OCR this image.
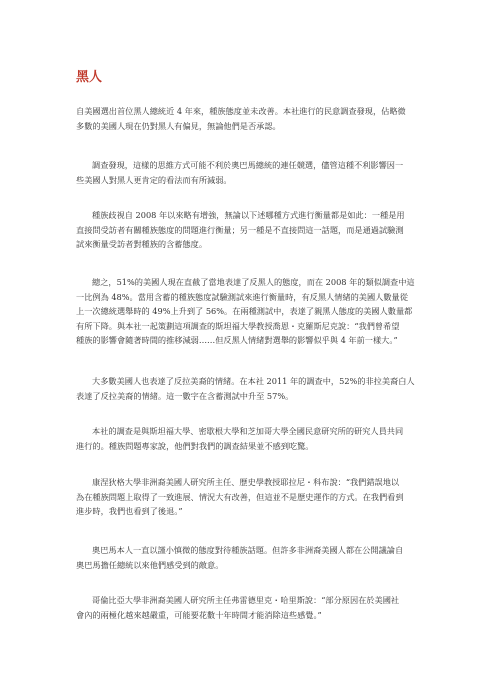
黑人

自美國選出首位黑人總統近 4 年來，種族態度並未改善。本社進行的民意調查發現，佔略微
多數的美國人現在仍對黑人有偏見，無論他們是否承認。

調查發現，這樣的思維方式可能不利於奧巴馬總統的連任競選，儘管這種不利影響因一
些美國人對黑人更肯定的看法而有所減弱。

種族歧視自 2008 年以來略有增強，無論以下述哪種方式進行衡量都是如此：一種是用
直接問受訪者有關種族態度的問題進行衡量；另一種是不直接問這一話題，而是通過試驗測
試來衡量受訪者對種族的含蓄態度。

總之，51%的美國人現在直截了當地表達了反黑人的態度，而在 2008 年的類似調查中這
一比例為 48%。當用含蓄的種族態度試驗測試來進行衡量時，有反黑人情緒的美國人數量從
上一次總統選舉時的 49%上升到了 56%。在兩種測試中，表達了親黑人態度的美國人數量都
有所下降。與本社一起策劃這項調查的斯坦福大學教授喬恩・克羅斯尼克說：“我們曾希望
種族的影響會隨著時間的推移減弱……但反黑人情緒對選舉的影響似乎與 4 年前一樣大。”

大多數美國人也表達了反拉美裔的情緒。在本社 2011 年的調查中，52%的非拉美裔白人
表達了反拉美裔的情緒。這一數字在含蓄測試中升至 57%。

本社的調查是與斯坦福大學、密歇根大學和芝加哥大學全國民意研究所的研究人員共同
進行的。種族問題專家說，他們對我們的調查結果並不感到吃驚。

康涅狄格大學非洲裔美國人研究所主任、歷史學教授耶拉尼・科布說：“我們錯誤地以
為在種族問題上取得了一致進展、情況大有改善，但這並不是歷史運作的方式。在我們看到
進步時，我們也看到了後退。”

奧巴馬本人一直以謹小慎微的態度對待種族話題。但許多非洲裔美國人都在公開議論自
奧巴馬擔任總統以來他們感受到的敵意。

哥倫比亞大學非洲裔美國人研究所主任弗雷德里克・哈里斯說：“部分原因在於美國社
會內的兩極化越來越嚴重，可能要花數十年時間才能消除這些感覺。”
